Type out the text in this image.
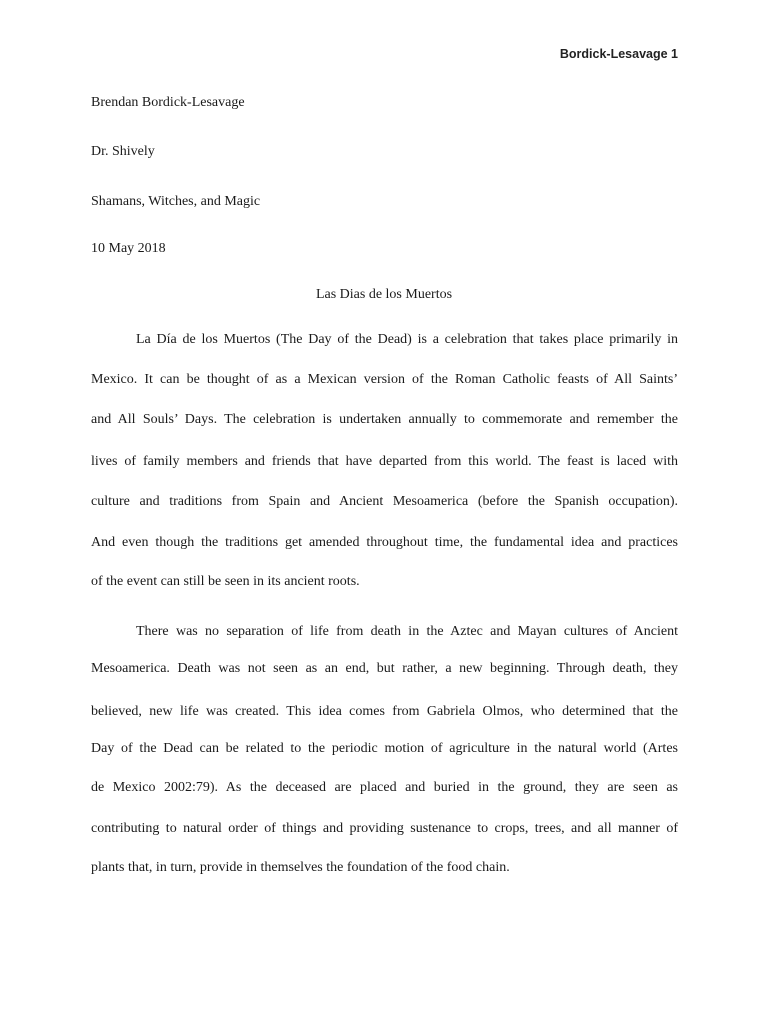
Bordick-Lesavage 1
Brendan Bordick-Lesavage
Dr. Shively
Shamans, Witches, and Magic
10 May 2018
Las Dias de los Muertos
La Día de los Muertos (The Day of the Dead) is a celebration that takes place primarily in
Mexico. It can be thought of as a Mexican version of the Roman Catholic feasts of All Saints’
and All Souls’ Days. The celebration is undertaken annually to commemorate and remember the
lives of family members and friends that have departed from this world. The feast is laced with
culture and traditions from Spain and Ancient Mesoamerica (before the Spanish occupation).
And even though the traditions get amended throughout time, the fundamental idea and practices
of the event can still be seen in its ancient roots.
There was no separation of life from death in the Aztec and Mayan cultures of Ancient
Mesoamerica. Death was not seen as an end, but rather, a new beginning. Through death, they
believed, new life was created. This idea comes from Gabriela Olmos, who determined that the
Day of the Dead can be related to the periodic motion of agriculture in the natural world (Artes
de Mexico 2002:79). As the deceased are placed and buried in the ground, they are seen as
contributing to natural order of things and providing sustenance to crops, trees, and all manner of
plants that, in turn, provide in themselves the foundation of the food chain.
